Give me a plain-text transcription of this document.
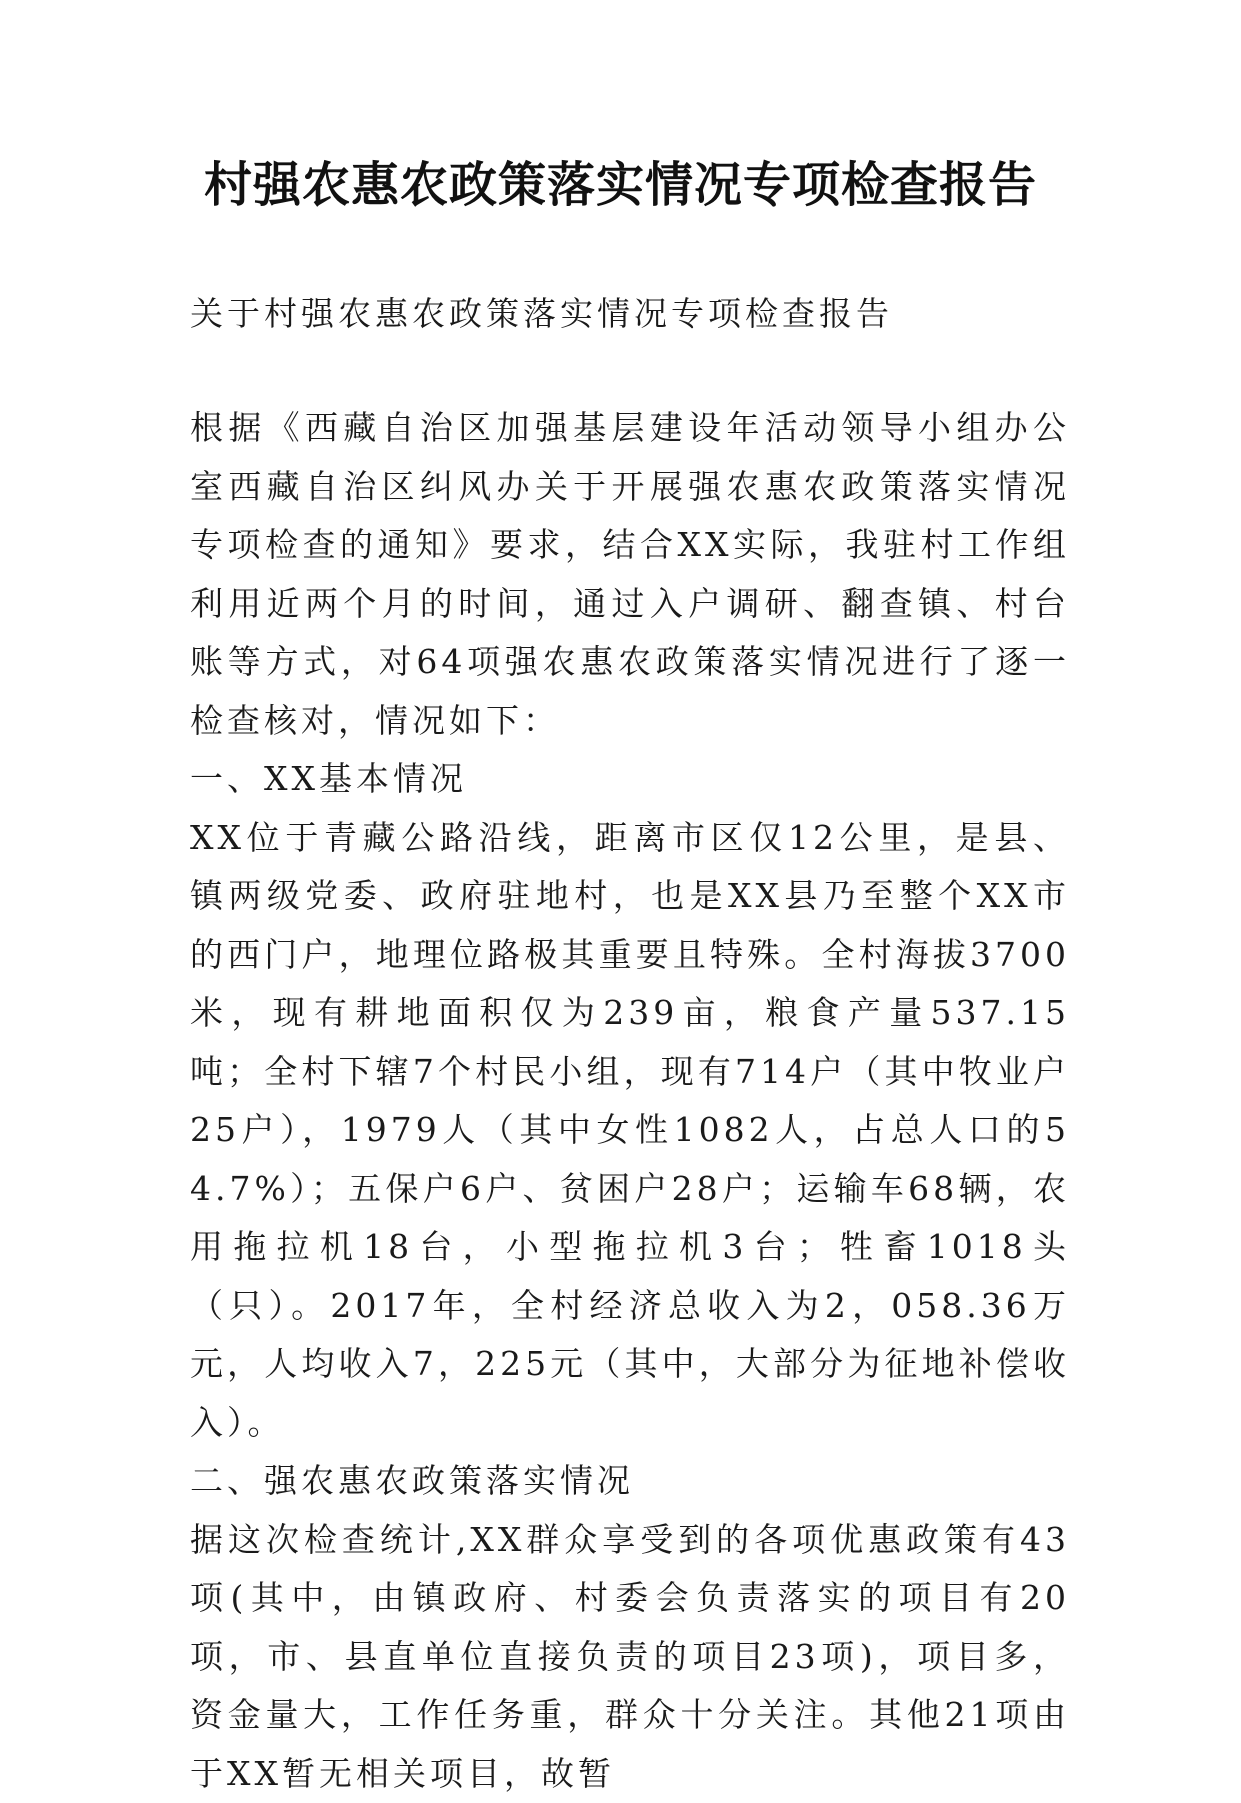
村强农惠农政策落实情况专项检查报告
关于村强农惠农政策落实情况专项检查报告

根据《西藏自治区加强基层建设年活动领导小组办公室西藏自治区纠风办关于开展强农惠农政策落实情况专项检查的通知》要求，结合XX实际，我驻村工作组利用近两个月的时间，通过入户调研、翻查镇、村台账等方式，对64项强农惠农政策落实情况进行了逐一检查核对，情况如下：

一、XX基本情况

XX位于青藏公路沿线，距离市区仅12公里，是县、镇两级党委、政府驻地村，也是XX县乃至整个XX市的西门户，地理位路极其重要且特殊。全村海拔3700米，现有耕地面积仅为239亩，粮食产量537.15吨；全村下辖7个村民小组，现有714户（其中牧业户25户），1979人（其中女性1082人，占总人口的54.7%）；五保户6户、贫困户28户；运输车68辆，农用拖拉机18台，小型拖拉机3台；牲畜1018头（只）。2017年，全村经济总收入为2，058.36万元，人均收入7，225元（其中，大部分为征地补偿收入）。

二、强农惠农政策落实情况

据这次检查统计,XX群众享受到的各项优惠政策有43项(其中，由镇政府、村委会负责落实的项目有20项，市、县直单位直接负责的项目23项)，项目多，资金量大，工作任务重，群众十分关注。其他21项由于XX暂无相关项目，故暂
